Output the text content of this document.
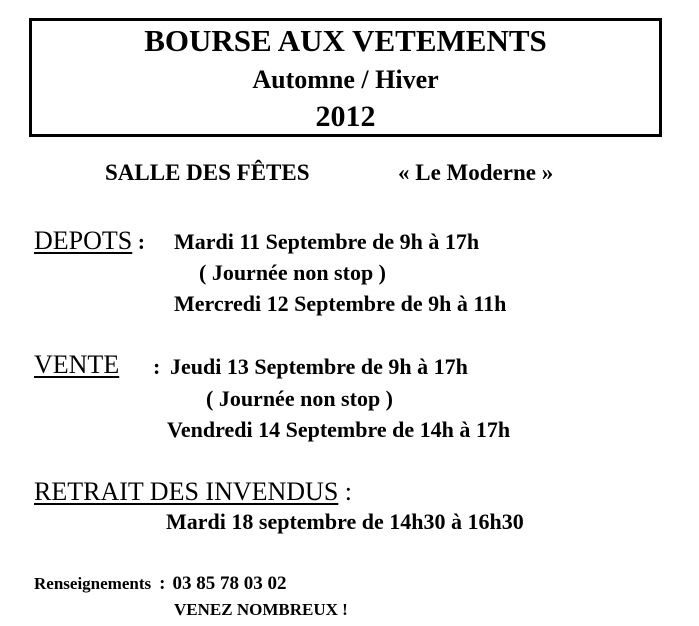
BOURSE AUX VETEMENTS
Automne / Hiver
2012
SALLE DES FÊTES	« Le Moderne »
DEPOTS : Mardi 11 Septembre de 9h à 17h
( Journée non stop )
Mercredi 12 Septembre de 9h à 11h
VENTE : Jeudi 13 Septembre de 9h à 17h
( Journée non stop )
Vendredi 14 Septembre de 14h à 17h
RETRAIT DES INVENDUS :
Mardi 18 septembre de 14h30 à 16h30
Renseignements : 03 85 78 03 02
VENEZ NOMBREUX !
